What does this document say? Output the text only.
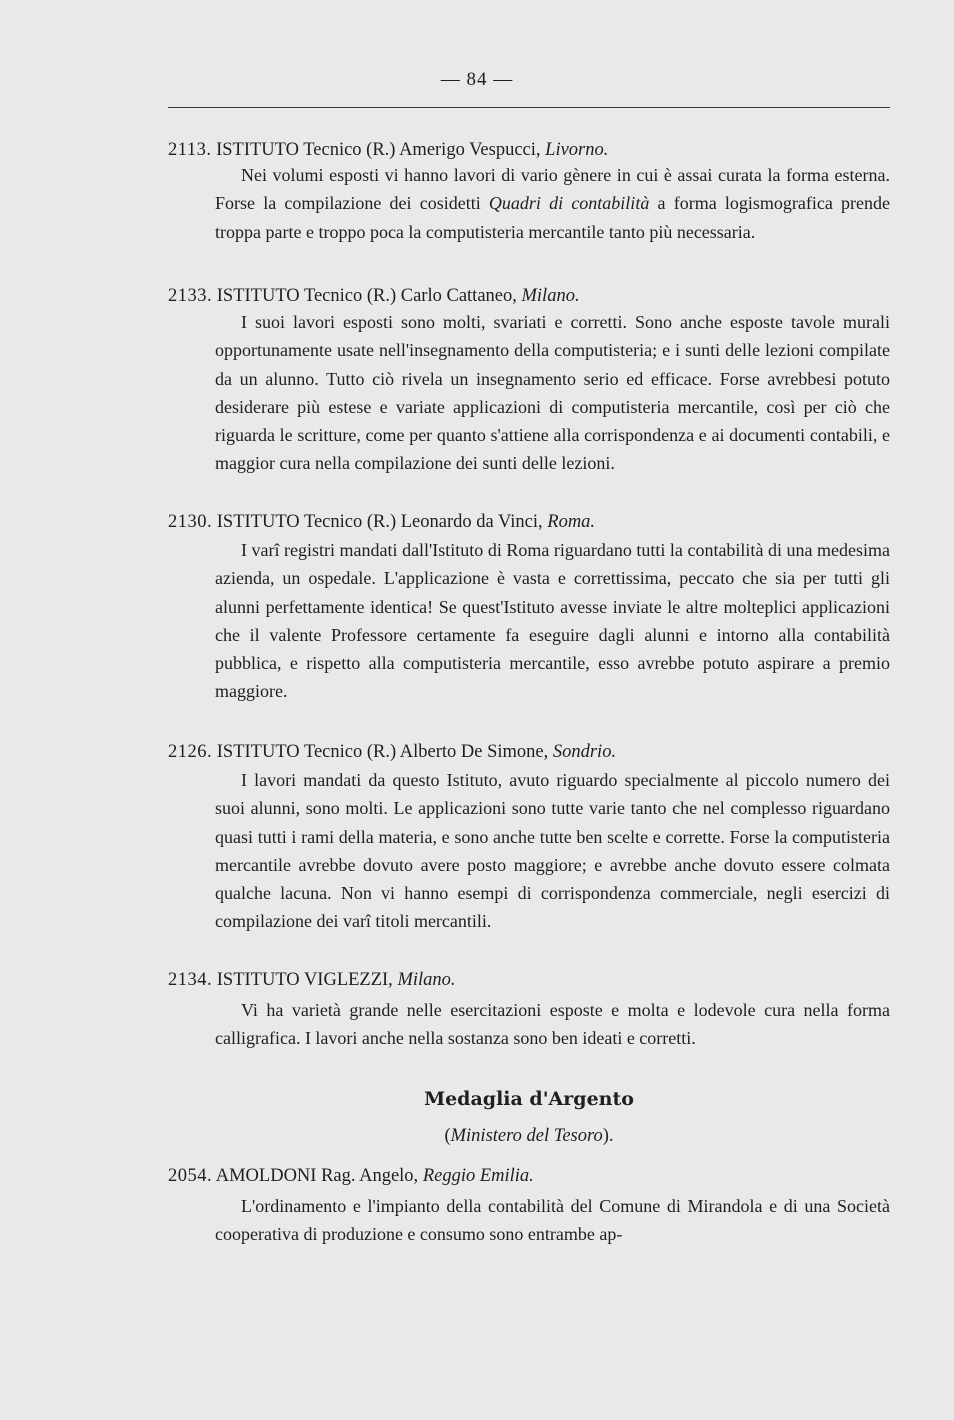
— 84 —
2113. ISTITUTO Tecnico (R.) Amerigo Vespucci, Livorno.
Nei volumi esposti vi hanno lavori di vario gènere in cui è assai curata la forma esterna. Forse la compilazione dei cosidetti Quadri di contabilità a forma logismografica prende troppa parte e troppo poca la computisteria mercantile tanto più necessaria.
2133. ISTITUTO Tecnico (R.) Carlo Cattaneo, Milano.
I suoi lavori esposti sono molti, svariati e corretti. Sono anche esposte tavole murali opportunamente usate nell'insegnamento della computisteria; e i sunti delle lezioni compilate da un alunno. Tutto ciò rivela un insegnamento serio ed efficace. Forse avrebbesi potuto desiderare più estese e variate applicazioni di computisteria mercantile, così per ciò che riguarda le scritture, come per quanto s'attiene alla corrispondenza e ai documenti contabili, e maggior cura nella compilazione dei sunti delle lezioni.
2130. ISTITUTO Tecnico (R.) Leonardo da Vinci, Roma.
I varî registri mandati dall'Istituto di Roma riguardano tutti la contabilità di una medesima azienda, un ospedale. L'applicazione è vasta e correttissima, peccato che sia per tutti gli alunni perfettamente identica! Se quest'Istituto avesse inviate le altre molteplici applicazioni che il valente Professore certamente fa eseguire dagli alunni e intorno alla contabilità pubblica, e rispetto alla computisteria mercantile, esso avrebbe potuto aspirare a premio maggiore.
2126. ISTITUTO Tecnico (R.) Alberto De Simone, Sondrio.
I lavori mandati da questo Istituto, avuto riguardo specialmente al piccolo numero dei suoi alunni, sono molti. Le applicazioni sono tutte varie tanto che nel complesso riguardano quasi tutti i rami della materia, e sono anche tutte ben scelte e corrette. Forse la computisteria mercantile avrebbe dovuto avere posto maggiore; e avrebbe anche dovuto essere colmata qualche lacuna. Non vi hanno esempi di corrispondenza commerciale, negli esercizi di compilazione dei varî titoli mercantili.
2134. ISTITUTO VIGLEZZI, Milano.
Vi ha varietà grande nelle esercitazioni esposte e molta e lodevole cura nella forma calligrafica. I lavori anche nella sostanza sono ben ideati e corretti.
Medaglia d'Argento
(Ministero del Tesoro).
2054. AMOLDONI Rag. Angelo, Reggio Emilia.
L'ordinamento e l'impianto della contabilità del Comune di Mirandola e di una Società cooperativa di produzione e consumo sono entrambe ap-
